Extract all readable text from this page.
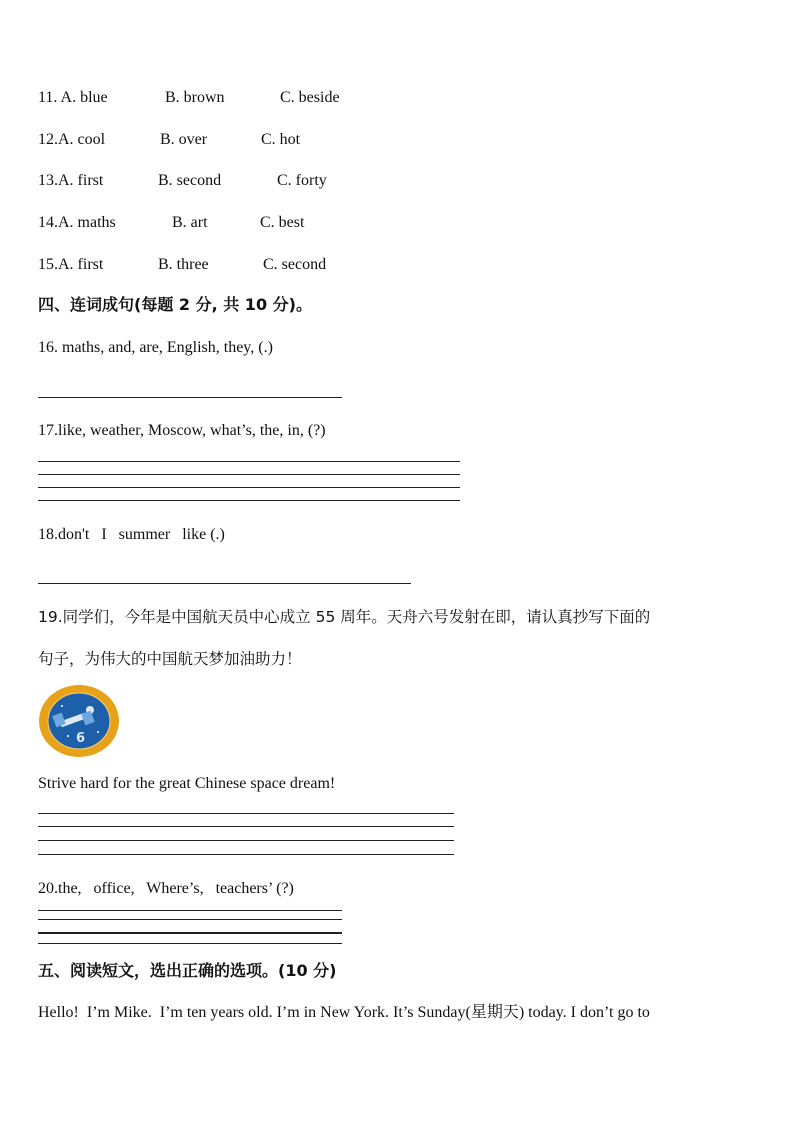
11. A. blue	B. brown	C. beside
12.A. cool	B. over	C. hot
13.A. first	B. second	C. forty
14.A. maths	B. art	C. best
15.A. first	B. three	C. second
四、连词成句(每题 2 分, 共 10 分)。
16. maths, and, are, English, they, (.)
17.like, weather, Moscow, what’s, the, in, (?)
18.don't   I   summer   like (.)
19.同学们，今年是中国航天员中心成立 55 周年。天舟六号发射在即，请认真抄写下面的
句子，为伟大的中国航天梦加油助力！
6
Strive hard for the great Chinese space dream!
20.the,   office,   Where’s,   teachers’ (?)
五、阅读短文，选出正确的选项。(10 分)
Hello!  I’m Mike.  I’m ten years old. I’m in New York. It’s Sunday(星期天) today. I don’t go to
